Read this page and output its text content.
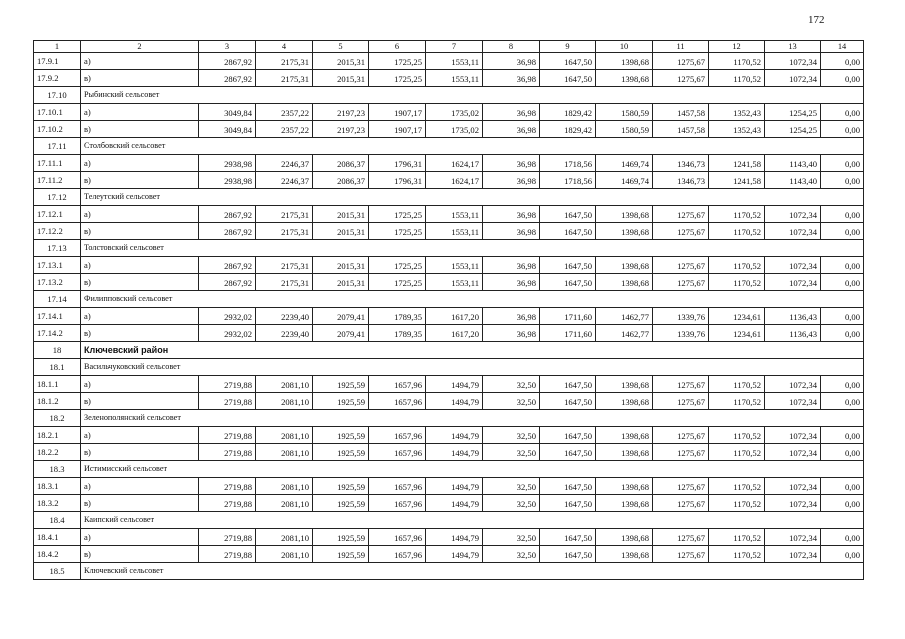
172
1	2	3	4	5	6	7	8	9	10	11	12	13	14
17.9.1	а)	2867,92	2175,31	2015,31	1725,25	1553,11	36,98	1647,50	1398,68	1275,67	1170,52	1072,34	0,00
17.9.2	в)	2867,92	2175,31	2015,31	1725,25	1553,11	36,98	1647,50	1398,68	1275,67	1170,52	1072,34	0,00
17.10	Рыбинский сельсовет												
17.10.1	а)	3049,84	2357,22	2197,23	1907,17	1735,02	36,98	1829,42	1580,59	1457,58	1352,43	1254,25	0,00
17.10.2	в)	3049,84	2357,22	2197,23	1907,17	1735,02	36,98	1829,42	1580,59	1457,58	1352,43	1254,25	0,00
17.11	Столбовский сельсовет												
17.11.1	а)	2938,98	2246,37	2086,37	1796,31	1624,17	36,98	1718,56	1469,74	1346,73	1241,58	1143,40	0,00
17.11.2	в)	2938,98	2246,37	2086,37	1796,31	1624,17	36,98	1718,56	1469,74	1346,73	1241,58	1143,40	0,00
17.12	Телеутский сельсовет												
17.12.1	а)	2867,92	2175,31	2015,31	1725,25	1553,11	36,98	1647,50	1398,68	1275,67	1170,52	1072,34	0,00
17.12.2	в)	2867,92	2175,31	2015,31	1725,25	1553,11	36,98	1647,50	1398,68	1275,67	1170,52	1072,34	0,00
17.13	Толстовский сельсовет												
17.13.1	а)	2867,92	2175,31	2015,31	1725,25	1553,11	36,98	1647,50	1398,68	1275,67	1170,52	1072,34	0,00
17.13.2	в)	2867,92	2175,31	2015,31	1725,25	1553,11	36,98	1647,50	1398,68	1275,67	1170,52	1072,34	0,00
17.14	Филипповский сельсовет												
17.14.1	а)	2932,02	2239,40	2079,41	1789,35	1617,20	36,98	1711,60	1462,77	1339,76	1234,61	1136,43	0,00
17.14.2	в)	2932,02	2239,40	2079,41	1789,35	1617,20	36,98	1711,60	1462,77	1339,76	1234,61	1136,43	0,00
18	Ключевский район												
18.1	Васильчуковский сельсовет												
18.1.1	а)	2719,88	2081,10	1925,59	1657,96	1494,79	32,50	1647,50	1398,68	1275,67	1170,52	1072,34	0,00
18.1.2	в)	2719,88	2081,10	1925,59	1657,96	1494,79	32,50	1647,50	1398,68	1275,67	1170,52	1072,34	0,00
18.2	Зеленополянский сельсовет												
18.2.1	а)	2719,88	2081,10	1925,59	1657,96	1494,79	32,50	1647,50	1398,68	1275,67	1170,52	1072,34	0,00
18.2.2	в)	2719,88	2081,10	1925,59	1657,96	1494,79	32,50	1647,50	1398,68	1275,67	1170,52	1072,34	0,00
18.3	Истимисский сельсовет												
18.3.1	а)	2719,88	2081,10	1925,59	1657,96	1494,79	32,50	1647,50	1398,68	1275,67	1170,52	1072,34	0,00
18.3.2	в)	2719,88	2081,10	1925,59	1657,96	1494,79	32,50	1647,50	1398,68	1275,67	1170,52	1072,34	0,00
18.4	Каипский сельсовет												
18.4.1	а)	2719,88	2081,10	1925,59	1657,96	1494,79	32,50	1647,50	1398,68	1275,67	1170,52	1072,34	0,00
18.4.2	в)	2719,88	2081,10	1925,59	1657,96	1494,79	32,50	1647,50	1398,68	1275,67	1170,52	1072,34	0,00
18.5	Ключевский сельсовет												
